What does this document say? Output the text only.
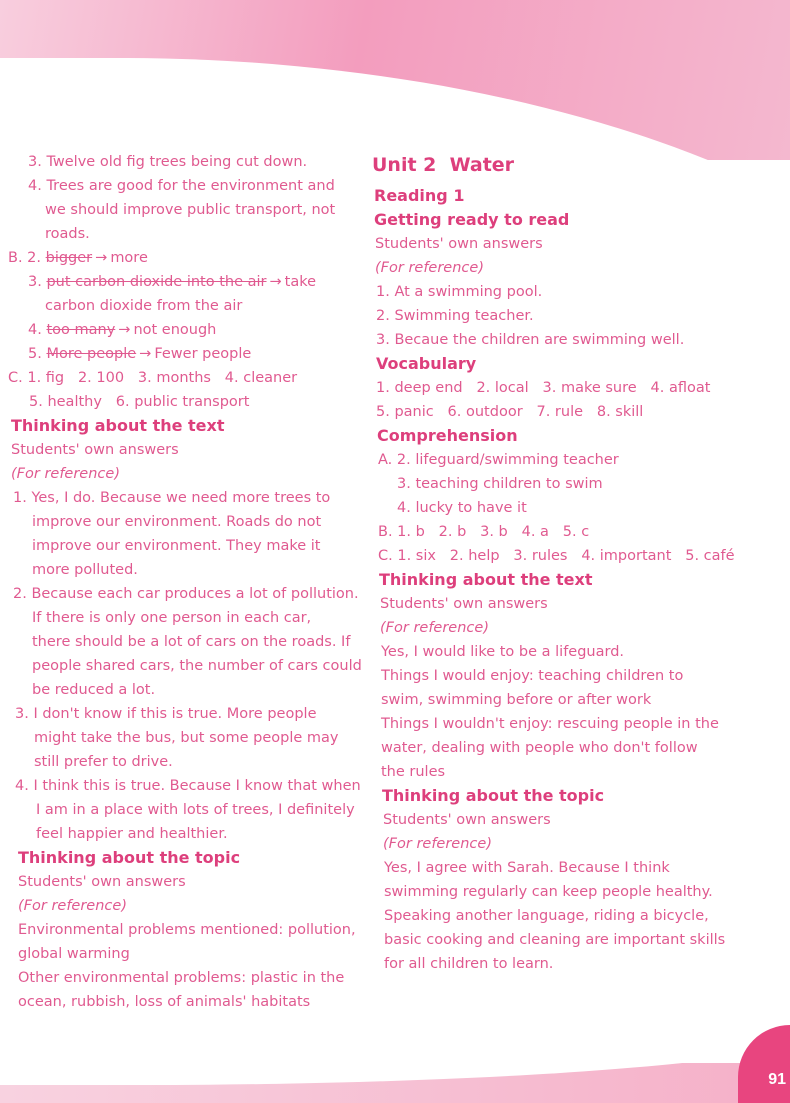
91
3. Twelve old fig trees being cut down.
4. Trees are good for the environment and
we should improve public transport, not
roads.
B. 2. bigger → more
3. put carbon dioxide into the air → take
carbon dioxide from the air
4. too many → not enough
5. More people → Fewer people
C. 1. fig   2. 100   3. months   4. cleaner
5. healthy   6. public transport
Thinking about the text
Students' own answers
(For reference)
1. Yes, I do. Because we need more trees to
improve our environment. Roads do not
improve our environment. They make it
more polluted.
2. Because each car produces a lot of pollution.
If there is only one person in each car,
there should be a lot of cars on the roads. If
people shared cars, the number of cars could
be reduced a lot.
3. I don't know if this is true. More people
might take the bus, but some people may
still prefer to drive.
4. I think this is true. Because I know that when
I am in a place with lots of trees, I definitely
feel happier and healthier.
Thinking about the topic
Students' own answers
(For reference)
Environmental problems mentioned: pollution,
global warming
Other environmental problems: plastic in the
ocean, rubbish, loss of animals' habitats
Unit 2  Water
Reading 1
Getting ready to read
Students' own answers
(For reference)
1. At a swimming pool.
2. Swimming teacher.
3. Becaue the children are swimming well.
Vocabulary
1. deep end   2. local   3. make sure   4. afloat
5. panic   6. outdoor   7. rule   8. skill
Comprehension
A. 2. lifeguard/swimming teacher
3. teaching children to swim
4. lucky to have it
B. 1. b   2. b   3. b   4. a   5. c
C. 1. six   2. help   3. rules   4. important   5. café
Thinking about the text
Students' own answers
(For reference)
Yes, I would like to be a lifeguard.
Things I would enjoy: teaching children to
swim, swimming before or after work
Things I wouldn't enjoy: rescuing people in the
water, dealing with people who don't follow
the rules
Thinking about the topic
Students' own answers
(For reference)
Yes, I agree with Sarah. Because I think
swimming regularly can keep people healthy.
Speaking another language, riding a bicycle,
basic cooking and cleaning are important skills
for all children to learn.
